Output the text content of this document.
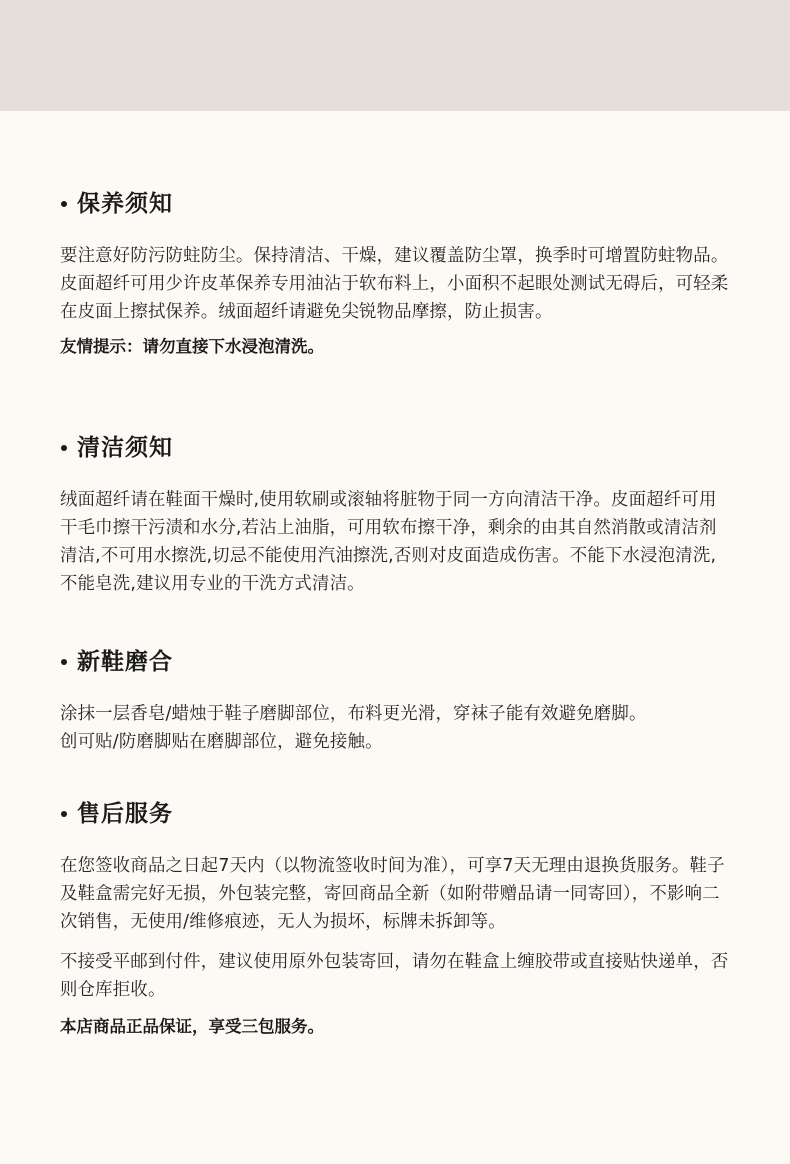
保养须知

要注意好防污防蛀防尘。保持清洁、干燥，建议覆盖防尘罩，换季时可增置防蛀物品。皮面超纤可用少许皮革保养专用油沾于软布料上，小面积不起眼处测试无碍后，可轻柔在皮面上擦拭保养。绒面超纤请避免尖锐物品摩擦，防止损害。

友情提示：请勿直接下水浸泡清洗。

清洁须知

绒面超纤请在鞋面干燥时,使用软刷或滚轴将脏物于同一方向清洁干净。皮面超纤可用干毛巾擦干污渍和水分,若沾上油脂，可用软布擦干净，剩余的由其自然消散或清洁剂清洁,不可用水擦洗,切忌不能使用汽油擦洗,否则对皮面造成伤害。不能下水浸泡清洗,不能皂洗,建议用专业的干洗方式清洁。

新鞋磨合

涂抹一层香皂/蜡烛于鞋子磨脚部位，布料更光滑，穿袜子能有效避免磨脚。

创可贴/防磨脚贴在磨脚部位，避免接触。

售后服务

在您签收商品之日起7天内（以物流签收时间为准），可享7天无理由退换货服务。鞋子及鞋盒需完好无损，外包装完整，寄回商品全新（如附带赠品请一同寄回），不影响二次销售，无使用/维修痕迹，无人为损坏，标牌未拆卸等。

不接受平邮到付件，建议使用原外包装寄回，请勿在鞋盒上缠胶带或直接贴快递单，否则仓库拒收。

本店商品正品保证，享受三包服务。
